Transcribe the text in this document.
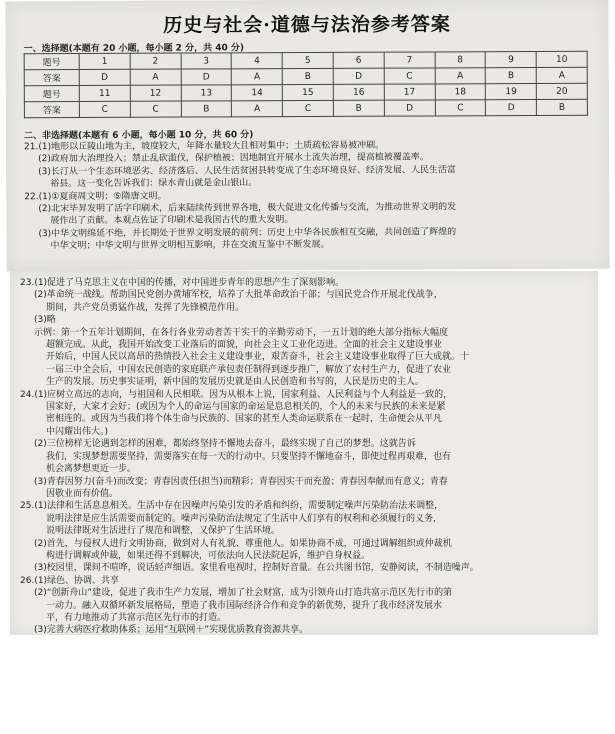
历史与社会·道德与法治参考答案
一、选择题(本题有 20 小题，每小题 2 分，共 40 分)
题号	1	2	3	4	5	6	7	8	9	10
答案	D	A	D	A	B	D	C	A	B	A
题号	11	12	13	14	15	16	17	18	19	20
答案	C	C	B	A	C	B	D	C	D	B
二、非选择题(本题有 6 小题，每小题 10 分，共 60 分)
21.(1)地形以丘陵山地为主，坡度较大，年降水量较大且相对集中；土质疏松容易被冲刷。
(2)政府加大治理投入；禁止乱砍滥伐，保护植被；因地制宜开展水土流失治理，提高植被覆盖率。
(3)长汀从一个生态环境恶劣、经济落后、人民生活贫困县转变成了生态环境良好、经济发展、人民生活富
裕县。这一变化告诉我们：绿水青山就是金山银山。
22.(1)①夏商周文明；⑤隋唐文明。
(2)北宋毕昇发明了活字印刷术，后来陆续传到世界各地，极大促进文化传播与交流，为推动世界文明的发
展作出了贡献。本观点佐证了印刷术是我国古代的重大发明。
(3)中华文明绵延不绝，并长期处于世界文明发展的前列；历史上中华各民族相互交融，共同创造了辉煌的
中华文明；中华文明与世界文明相互影响，并在交流互鉴中不断发展。
23.(1)促进了马克思主义在中国的传播，对中国进步青年的思想产生了深刻影响。
(2)革命统一战线。帮助国民党创办黄埔军校，培养了大批革命政治干部；与国民党合作开展北伐战争，
期间，共产党员勇猛作战，发挥了先锋模范作用。
(3)略
示例：第一个五年计划期间，在各行各业劳动者苦干实干的辛勤劳动下，一五计划的绝大部分指标大幅度
超额完成。从此，我国开始改变工业落后的面貌，向社会主义工业化迈进。全面的社会主义建设事业
开始后，中国人民以高昂的热情投入社会主义建设事业，艰苦奋斗，社会主义建设事业取得了巨大成就。十
一届三中全会后，中国农民创造的家庭联产承包责任制得到逐步推广，解放了农村生产力，促进了农业
生产的发展。历史事实证明，新中国的发展历史就是由人民创造和书写的，人民是历史的主人。
24.(1)应树立高远的志向，与祖国和人民相联。因为从根本上说，国家利益、人民利益与个人利益是一致的，
国家好，大家才会好；(或因为个人的命运与国家的命运是息息相关的，个人的未来与民族的未来是紧
密相连的。或因为当我们将个体生命与民族的、国家的甚至人类命运联系在一起时，生命便会从平凡
中闪耀出伟大。)
(2)三位榜样无论遇到怎样的困难，都始终坚持不懈地去奋斗，最终实现了自己的梦想。这就告诉
我们，实现梦想需要坚持，需要落实在每一天的行动中。只要坚持不懈地奋斗，即使过程再艰难，也有
机会离梦想更近一步。
(3)青春因努力(奋斗)而改变；青春因责任(担当)而精彩；青春因实干而充盈；青春因奉献而有意义；青春
因敬业而有价值。
25.(1)法律和生活息息相关。生活中存在因噪声污染引发的矛盾和纠纷，需要制定噪声污染防治法来调整，
说明法律是应生活需要而制定的。噪声污染防治法规定了生活中人们享有的权利和必须履行的义务，
说明法律既对生活进行了规范和调整，又保护了生活环境。
(2)首先，与侵权人进行文明协商，做到对人有礼貌、尊重他人。如果协商不成，可通过调解组织或仲裁机
构进行调解或仲裁，如果还得不到解决，可依法向人民法院起诉，维护自身权益。
(3)校园里，课间不喧哗，说话轻声细语。家里看电视时，控制好音量。在公共图书馆，安静阅读，不制造噪声。
26.(1)绿色、协调、共享
(2)“创新舟山”建设，促进了我市生产力发展，增加了社会财富，成为引领舟山打造共富示范区先行市的第
一动力。融入双循环新发展格局，塑造了我市国际经济合作和竞争的新优势，提升了我市经济发展水
平，有力地推动了共富示范区先行市的打造。
(3)完善大病医疗救助体系；运用“互联网＋”实现优质教育资源共享。
